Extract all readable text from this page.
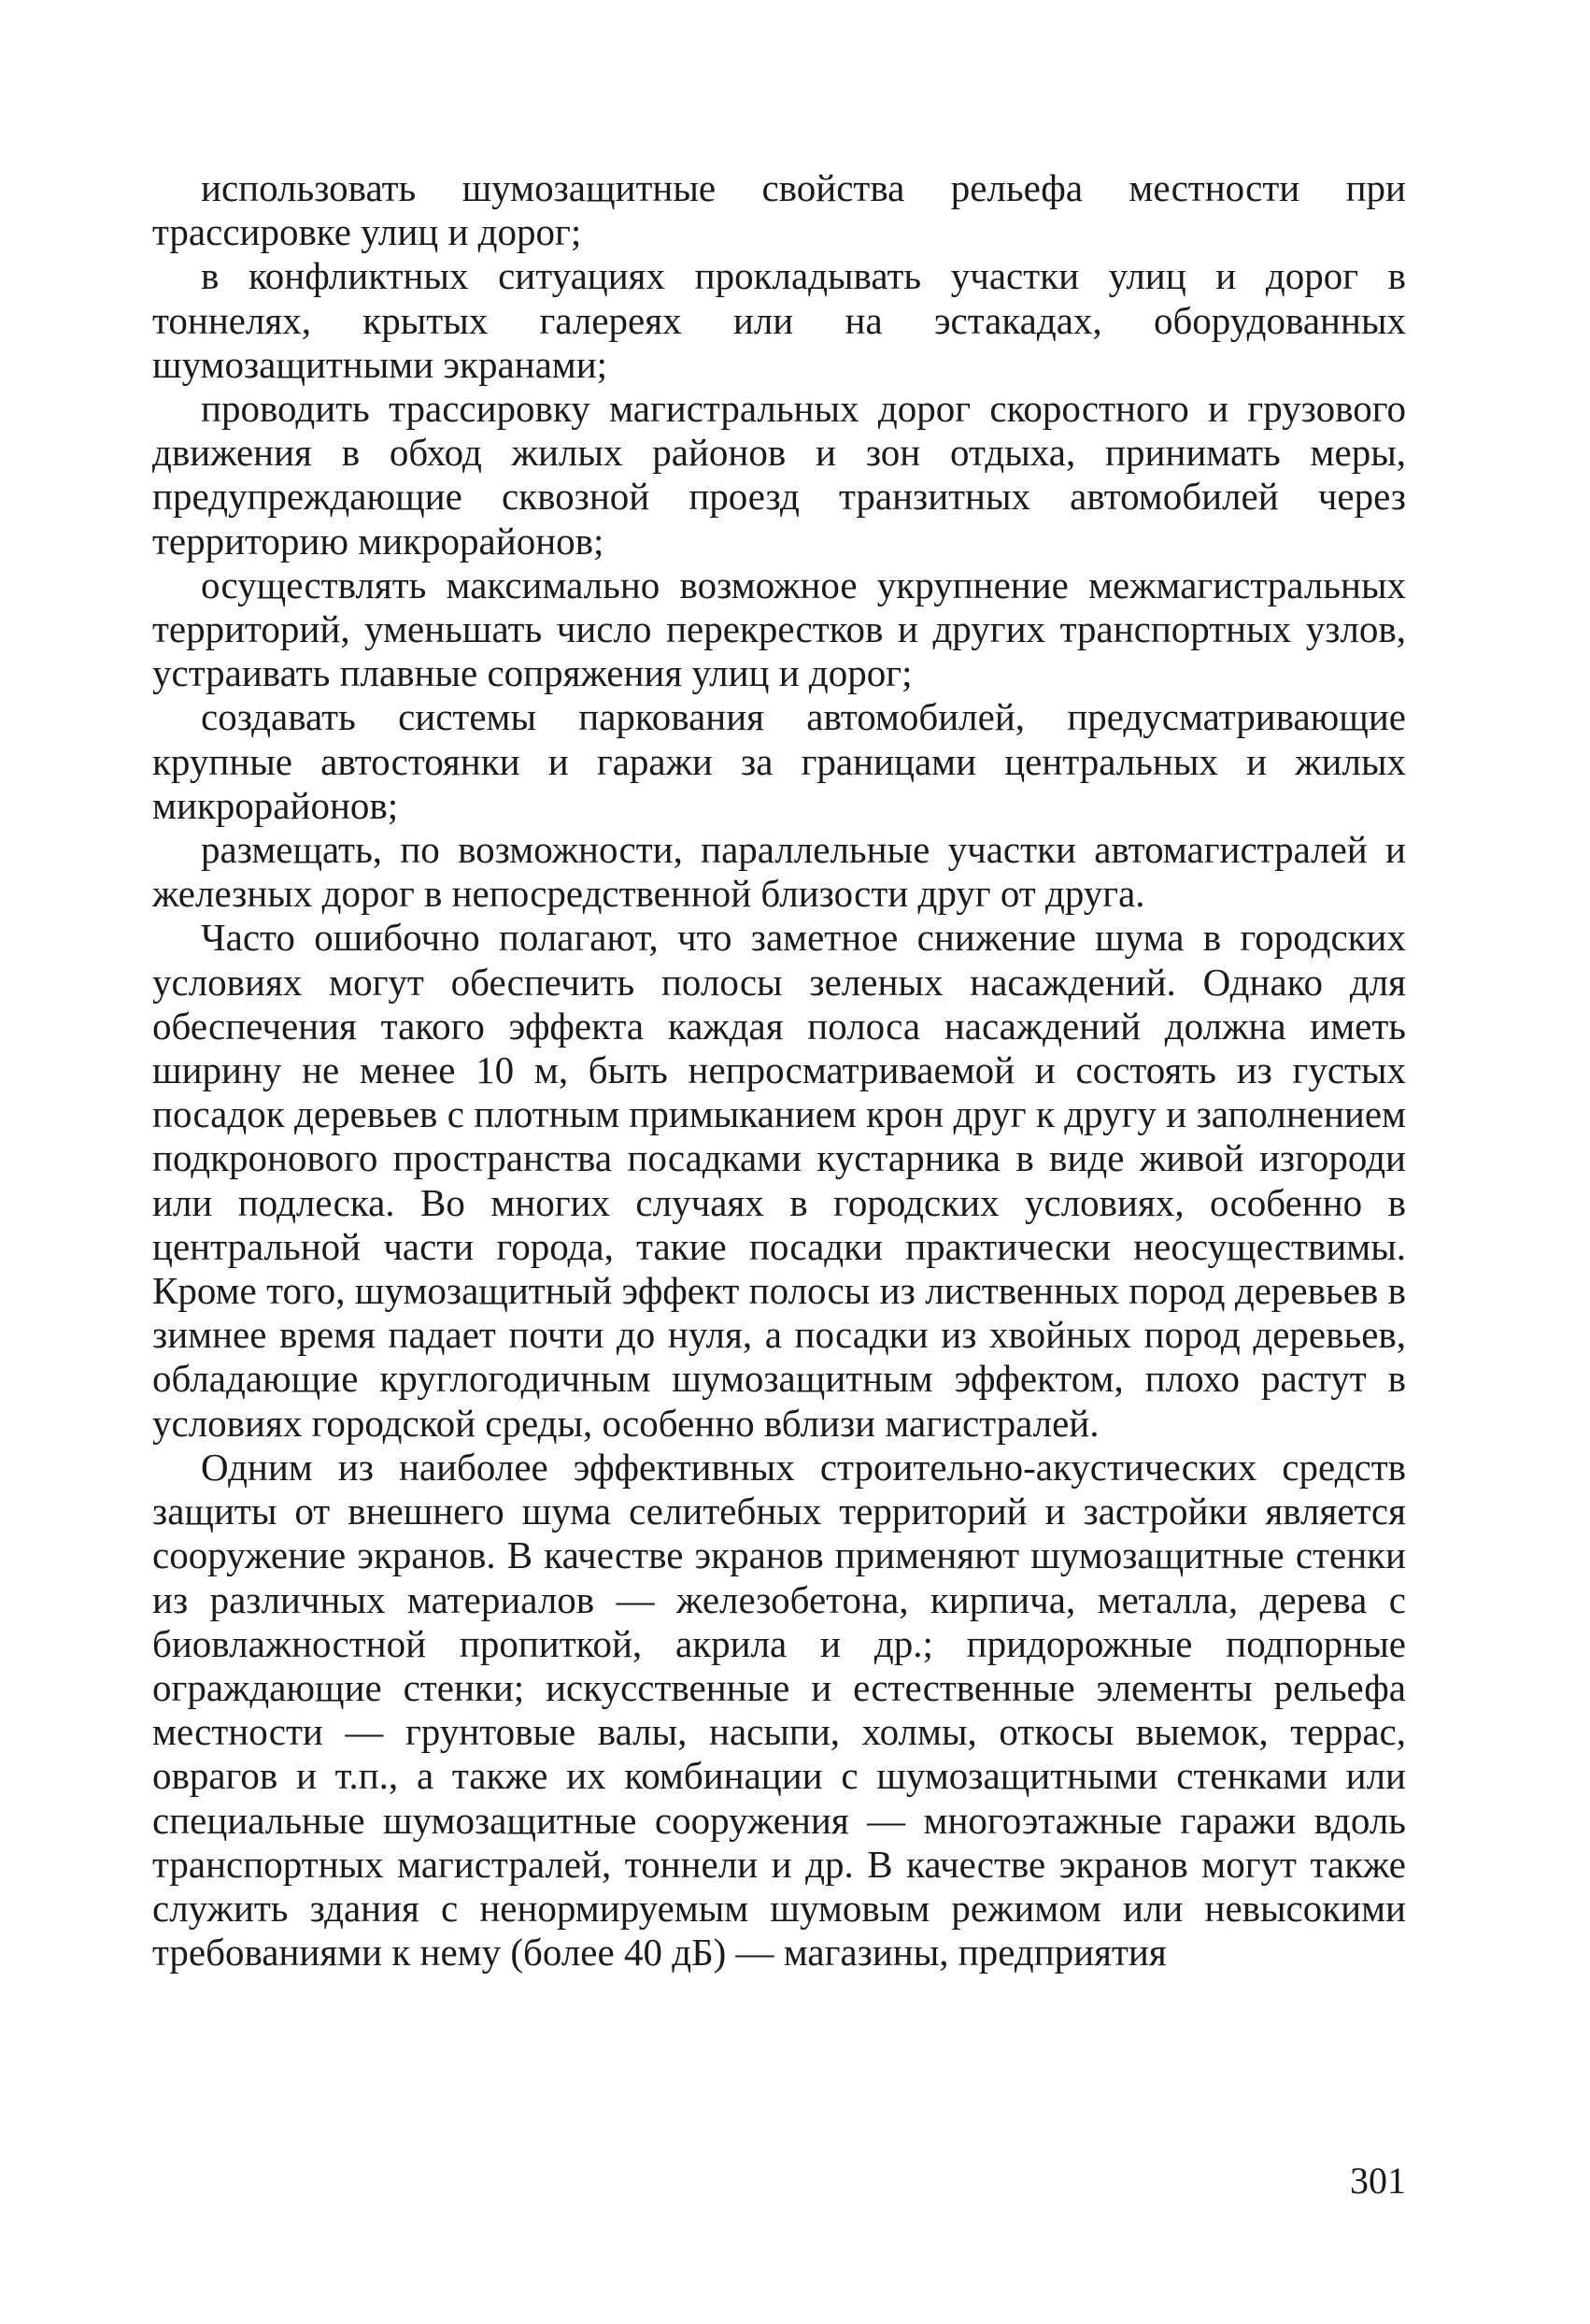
использовать шумозащитные свойства рельефа местности при трассировке улиц и дорог;

в конфликтных ситуациях прокладывать участки улиц и дорог в тоннелях, крытых галереях или на эстакадах, оборудованных шумозащитными экранами;

проводить трассировку магистральных дорог скоростного и грузового движения в обход жилых районов и зон отдыха, принимать меры, предупреждающие сквозной проезд транзитных автомобилей через территорию микрорайонов;

осуществлять максимально возможное укрупнение межмагистральных территорий, уменьшать число перекрестков и других транспортных узлов, устраивать плавные сопряжения улиц и дорог;

создавать системы паркования автомобилей, предусматривающие крупные автостоянки и гаражи за границами центральных и жилых микрорайонов;

размещать, по возможности, параллельные участки автомагистралей и железных дорог в непосредственной близости друг от друга.

Часто ошибочно полагают, что заметное снижение шума в городских условиях могут обеспечить полосы зеленых насаждений. Однако для обеспечения такого эффекта каждая полоса насаждений должна иметь ширину не менее 10 м, быть непросматриваемой и состоять из густых посадок деревьев с плотным примыканием крон друг к другу и заполнением подкронового пространства посадками кустарника в виде живой изгороди или подлеска. Во многих случаях в городских условиях, особенно в центральной части города, такие посадки практически неосуществимы. Кроме того, шумозащитный эффект полосы из лиственных пород деревьев в зимнее время падает почти до нуля, а посадки из хвойных пород деревьев, обладающие круглогодичным шумозащитным эффектом, плохо растут в условиях городской среды, особенно вблизи магистралей.

Одним из наиболее эффективных строительно-акустических средств защиты от внешнего шума селитебных территорий и застройки является сооружение экранов. В качестве экранов применяют шумозащитные стенки из различных материалов — железобетона, кирпича, металла, дерева с биовлажностной пропиткой, акрила и др.; придорожные подпорные ограждающие стенки; искусственные и естественные элементы рельефа местности — грунтовые валы, насыпи, холмы, откосы выемок, террас, оврагов и т.п., а также их комбинации с шумозащитными стенками или специальные шумозащитные сооружения — многоэтажные гаражи вдоль транспортных магистралей, тоннели и др. В качестве экранов могут также служить здания с ненормируемым шумовым режимом или невысокими требованиями к нему (более 40 дБ) — магазины, предприятия

301
